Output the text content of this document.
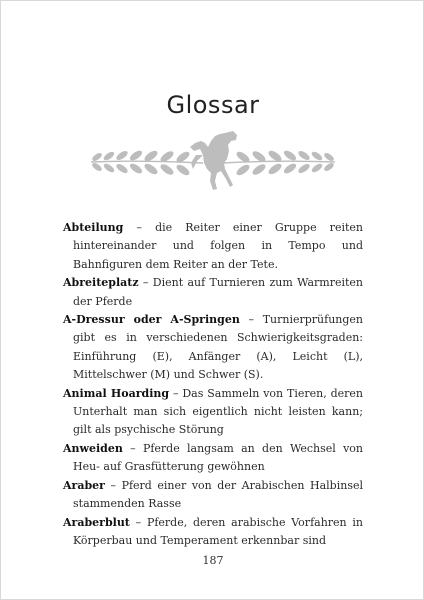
Glossar

Abteilung – die Reiter einer Gruppe reiten hintereinander und folgen in Tempo und Bahnfiguren dem Reiter an der Tete.

Abreiteplatz – Dient auf Turnieren zum Warmreiten der Pferde

A-Dressur oder A-Springen – Turnierprüfungen gibt es in verschiedenen Schwierigkeitsgraden: Einführung (E), Anfänger (A), Leicht (L), Mittelschwer (M) und Schwer (S).

Animal Hoarding – Das Sammeln von Tieren, deren Unterhalt man sich eigentlich nicht leisten kann; gilt als psychische Störung

Anweiden – Pferde langsam an den Wechsel von Heu- auf Grasfütterung gewöhnen

Araber – Pferd einer von der Arabischen Halbinsel stammenden Rasse

Araberblut – Pferde, deren arabische Vorfahren in Körperbau und Temperament erkennbar sind

187
